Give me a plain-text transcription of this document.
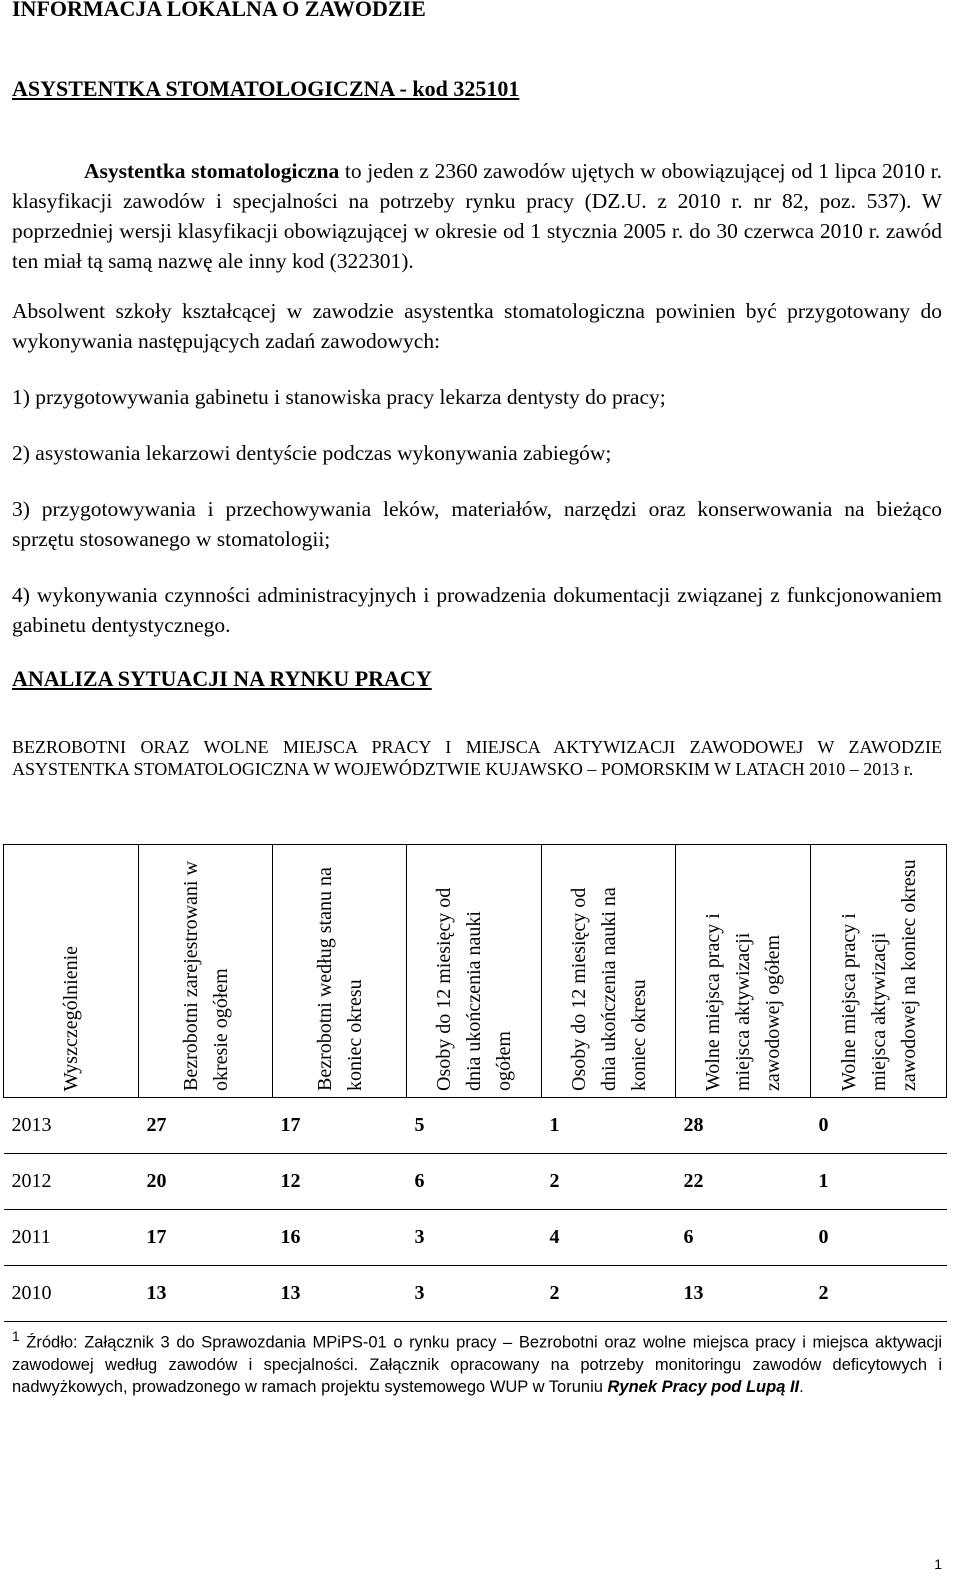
INFORMACJA LOKALNA O ZAWODZIE
ASYSTENTKA STOMATOLOGICZNA - kod 325101
Asystentka stomatologiczna to jeden z 2360 zawodów ujętych w obowiązującej od 1 lipca 2010 r. klasyfikacji zawodów i specjalności na potrzeby rynku pracy (DZ.U. z 2010 r. nr 82, poz. 537). W poprzedniej wersji klasyfikacji obowiązującej w okresie od 1 stycznia 2005 r. do 30 czerwca 2010 r. zawód ten miał tą samą nazwę ale inny kod (322301).
Absolwent szkoły kształcącej w zawodzie asystentka stomatologiczna powinien być przygotowany do wykonywania następujących zadań zawodowych:
1) przygotowywania gabinetu i stanowiska pracy lekarza dentysty do pracy;
2) asystowania lekarzowi dentyście podczas wykonywania zabiegów;
3) przygotowywania i przechowywania leków, materiałów, narzędzi oraz konserwowania na bieżąco sprzętu stosowanego w stomatologii;
4) wykonywania czynności administracyjnych i prowadzenia dokumentacji związanej z funkcjonowaniem gabinetu dentystycznego.
ANALIZA SYTUACJI NA RYNKU PRACY
BEZROBOTNI ORAZ WOLNE MIEJSCA PRACY I MIEJSCA AKTYWIZACJI ZAWODOWEJ W ZAWODZIE ASYSTENTKA STOMATOLOGICZNA W WOJEWÓDZTWIE KUJAWSKO – POMORSKIM W LATACH 2010 – 2013 r.
Wyszczególnienie	Bezrobotni zarejestrowani w okresie ogółem	Bezrobotni według stanu na koniec okresu	Osoby do 12 miesięcy od dnia ukończenia nauki ogółem	Osoby do 12 miesięcy od dnia ukończenia nauki na koniec okresu	Wolne miejsca pracy i miejsca aktywizacji zawodowej ogółem	Wolne miejsca pracy i miejsca aktywizacji zawodowej na koniec okresu

2013	27	17	5	1	28	0
2012	20	12	6	2	22	1
2011	17	16	3	4	6	0
2010	13	13	3	2	13	2
$^1$ Źródło: Załącznik 3 do Sprawozdania MPiPS-01 o rynku pracy – Bezrobotni oraz wolne miejsca pracy i miejsca aktywacji zawodowej według zawodów i specjalności. Załącznik opracowany na potrzeby monitoringu zawodów deficytowych i nadwyżkowych, prowadzonego w ramach projektu systemowego WUP w Toruniu Rynek Pracy pod Lupą II.
1
